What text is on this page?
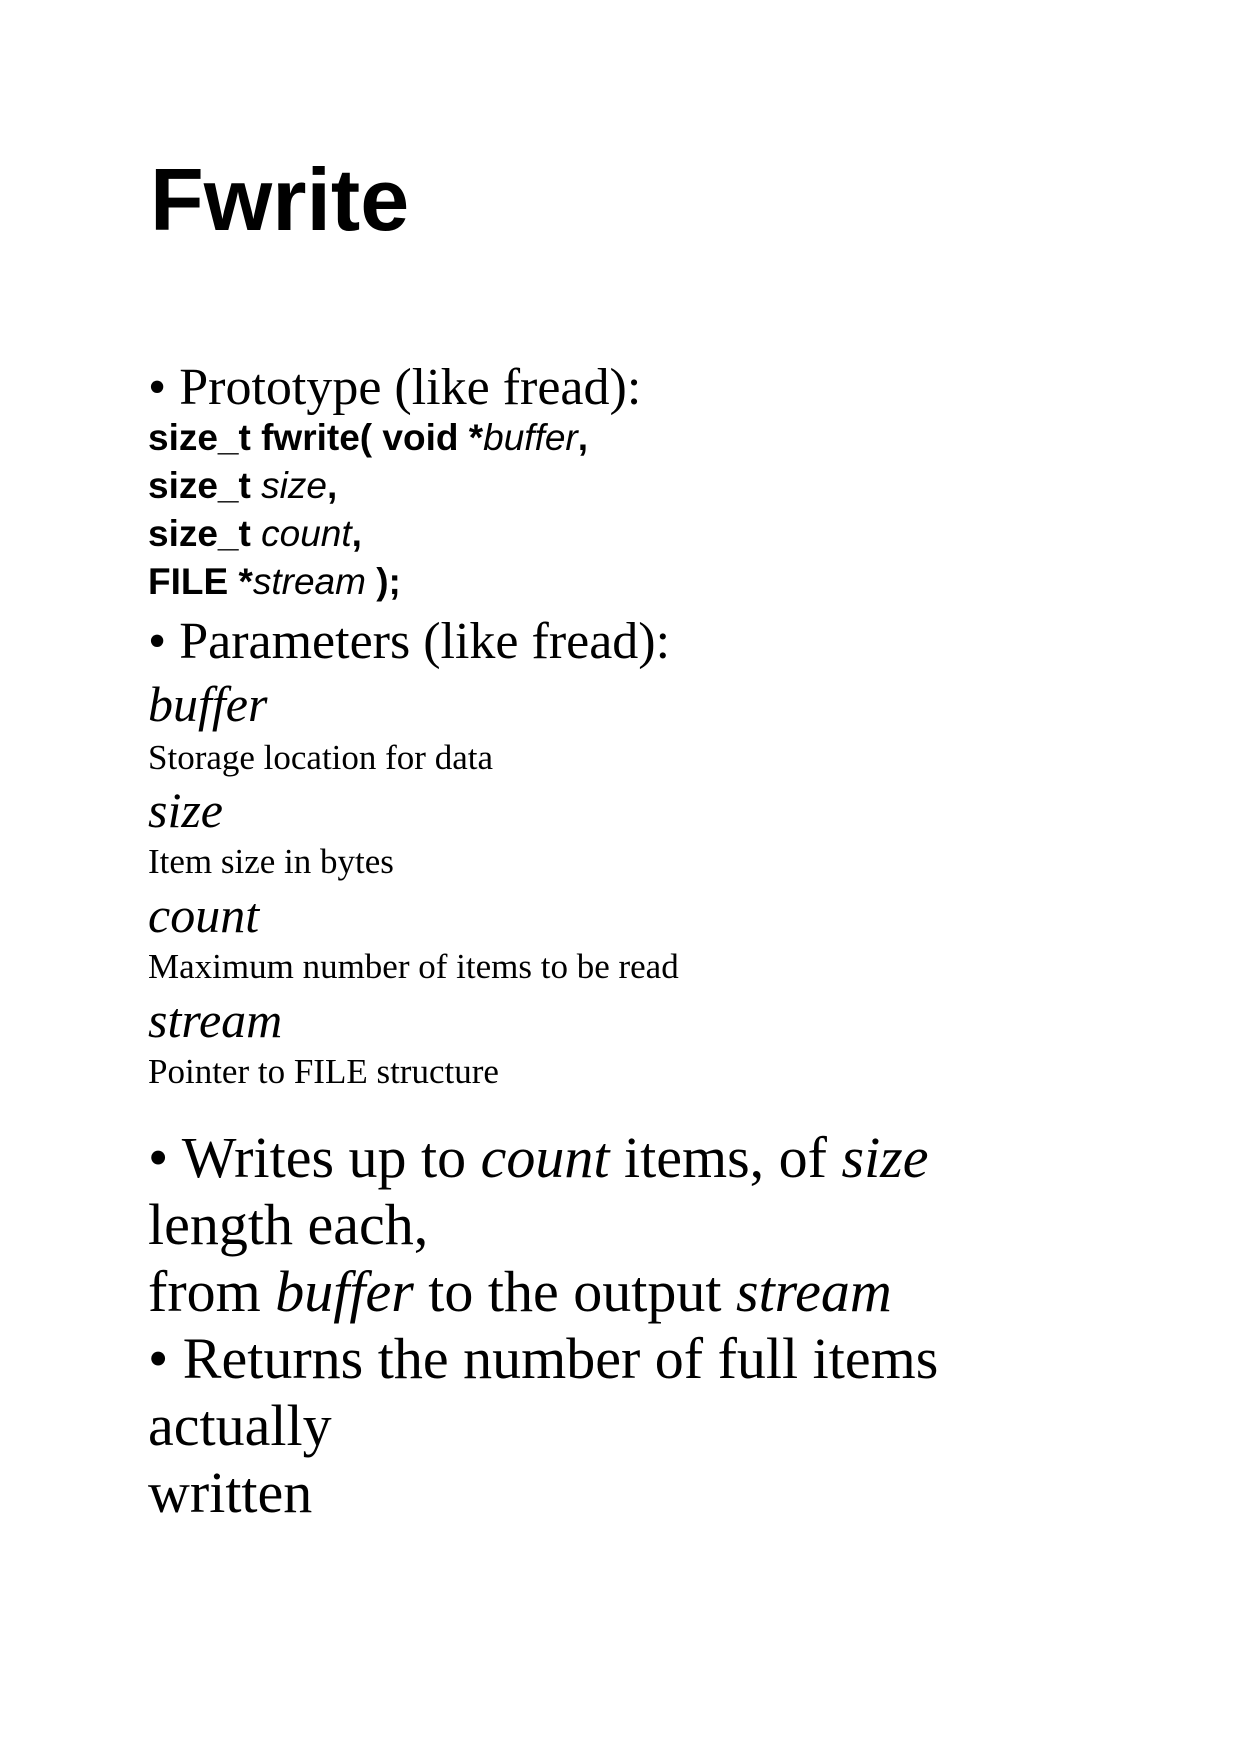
Fwrite
• Prototype (like fread):
size_t fwrite( void *buffer,
size_t size,
size_t count,
FILE *stream );
• Parameters (like fread):
buffer
Storage location for data
size
Item size in bytes
count
Maximum number of items to be read
stream
Pointer to FILE structure
• Writes up to count items, of size
length each,
from buffer to the output stream
• Returns the number of full items
actually
written
